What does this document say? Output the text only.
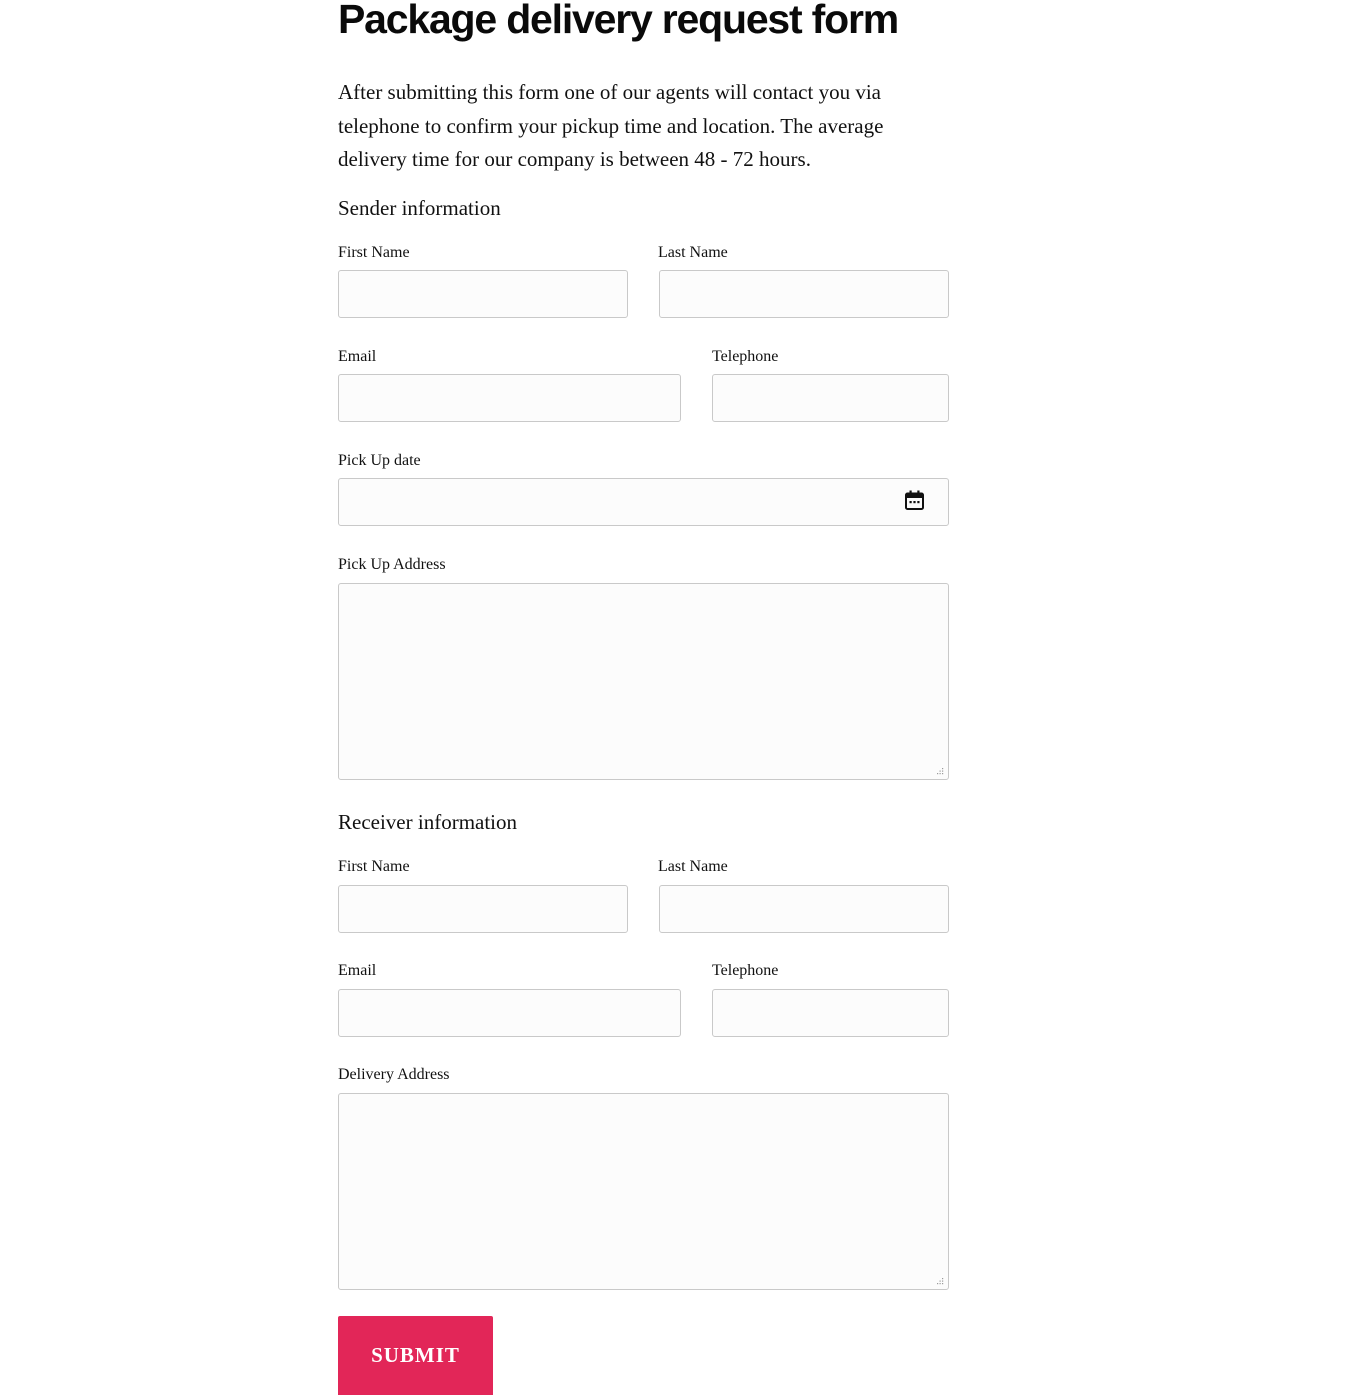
Package delivery request form

After submitting this form one of our agents will contact you via telephone to confirm your pickup time and location. The average delivery time for our company is between 48 - 72 hours.

Sender information
First Name	Last Name
Email	Telephone
Pick Up date
Pick Up Address
Receiver information
First Name	Last Name
Email	Telephone
Delivery Address
SUBMIT
